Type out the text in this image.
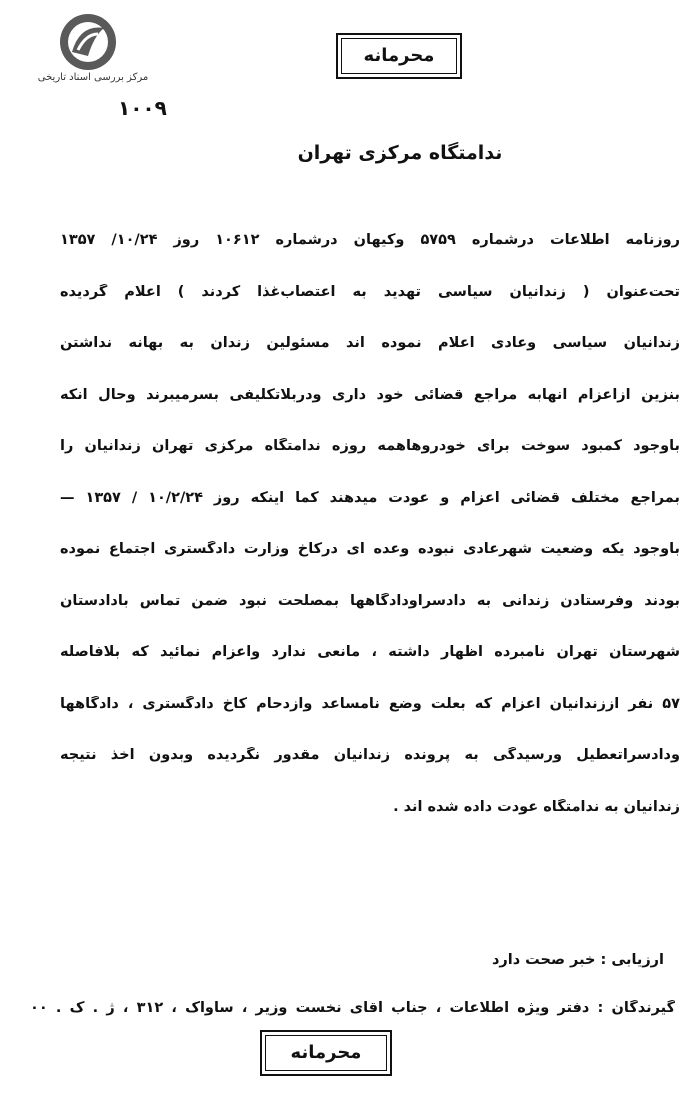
مرکز بررسی اسناد تاریخی
محرمانه
۱۰۰۹
ندامتگاه مرکزی تهران
روزنامه اطلاعات درشماره ۵۷۵۹ وکیهان درشماره ۱۰۶۱۲ روز ۱۰/۲۴/ ۱۳۵۷
تحت‌عنوان ( زندانیان سیاسی تهدید به اعتصاب‌غذا کردند ) اعلام گردیده
زندانیان سیاسی وعادی اعلام نموده اند مسئولین زندان به بهانه نداشتن
بنزین ازاعزام آنهابه مراجع قضائی خود داری ودربلاتکلیفی بسرمیبرند وحال آنکه
باوجود کمبود سوخت برای خودروهاهمه روزه ندامتگاه مرکزی تهران زندانیان را
بمراجع مختلف قضائی اعزام و عودت میدهند کما اینکه روز ۱۰/۲/۲۴ / ۱۳۵۷ —
باوجود یکه وضعیت شهرعادی نبوده وعده ای درکاخ وزارت دادگستری اجتماع نموده
بودند وفرستادن زندانی به دادسراودادگاهها بمصلحت نبود ضمن تماس بادادستان
شهرستان تهران نامبرده اظهار داشته ، مانعی ندارد واعزام نمائید که بلافاصله
۵۷ نفر اززندانیان اعزام که بعلت وضع نامساعد وازدحام کاخ دادگستری ، دادگاهها
ودادسراتعطیل ورسیدگی به پرونده زندانیان مقدور نگردیده وبدون اخذ نتیجه
زندانیان به ندامتگاه عودت داده شده اند .
ارزیابی : خبر صحت دارد
گیرندگان : دفتر ویژه اطلاعات ، جناب آقای نخست وزیر ، ساواک ، ۳۱۲ ، ژ . ک . ۰۰
محرمانه
